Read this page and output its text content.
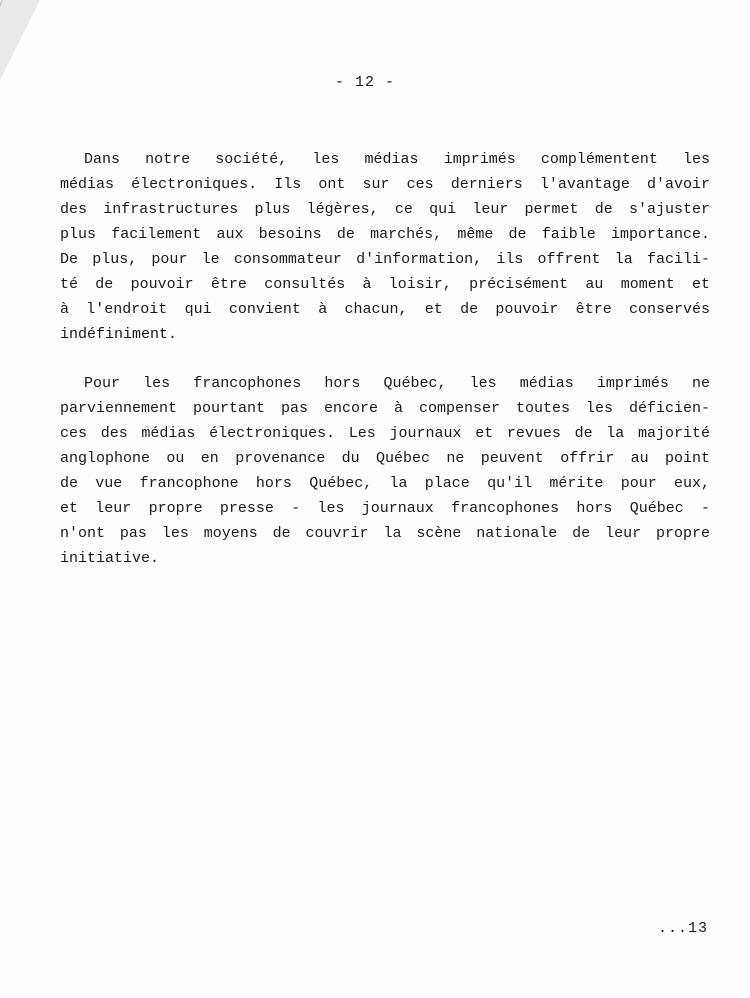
- 12 -

Dans notre société, les médias imprimés complémentent les
médias électroniques. Ils ont sur ces derniers l'avantage d'avoir
des infrastructures plus légères, ce qui leur permet de s'ajuster
plus facilement aux besoins de marchés, même de faible importance.
De plus, pour le consommateur d'information, ils offrent la facili-
té de pouvoir être consultés à loisir, précisément au moment et
à l'endroit qui convient à chacun, et de pouvoir être conservés
indéfiniment.

Pour les francophones hors Québec, les médias imprimés ne
parviennement pourtant pas encore à compenser toutes les déficien-
ces des médias électroniques. Les journaux et revues de la majorité
anglophone ou en provenance du Québec ne peuvent offrir au point
de vue francophone hors Québec, la place qu'il mérite pour eux,
et leur propre presse - les journaux francophones hors Québec -
n'ont pas les moyens de couvrir la scène nationale de leur propre
initiative.

...13
